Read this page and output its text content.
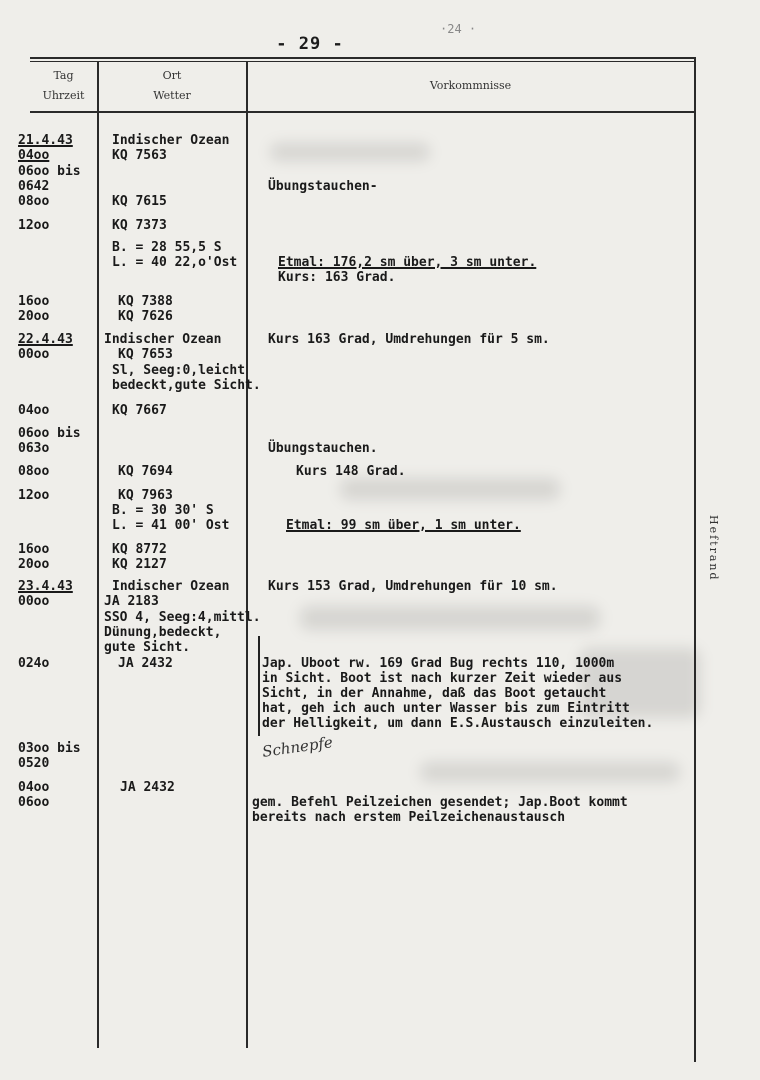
- 29 -
·24 ·
Tag
Uhrzeit
Ort
Wetter
Vorkommnisse
Heftrand
21.4.43
04oo
06oo bis
0642
08oo
12oo
16oo
20oo
22.4.43
00oo
04oo
06oo bis
063o
08oo
12oo
16oo
20oo
23.4.43
00oo
024o
03oo bis
0520
04oo
06oo
Indischer Ozean
KQ 7563
KQ 7615
KQ 7373
B. = 28 55,5 S
L. = 40 22,o'Ost
KQ 7388
KQ 7626
Indischer Ozean
KQ 7653
Sl, Seeg:0,leicht
bedeckt,gute Sicht.
KQ 7667
KQ 7694
KQ 7963
B. = 30 30' S
L. = 41 00' Ost
KQ 8772
KQ 2127
Indischer Ozean
JA 2183
SSO 4, Seeg:4,mittl.
Dünung,bedeckt,
gute Sicht.
JA 2432
JA 2432
Übungstauchen-
Etmal: 176,2 sm über, 3 sm unter.
Kurs: 163 Grad.
Kurs 163 Grad, Umdrehungen für 5 sm.
Übungstauchen.
Kurs 148 Grad.
Etmal: 99 sm über, 1 sm unter.
Kurs 153 Grad, Umdrehungen für 10 sm.
Jap. Uboot rw. 169 Grad Bug rechts 110, 1000m
in Sicht. Boot ist nach kurzer Zeit wieder aus
Sicht, in der Annahme, daß das Boot getaucht
hat, geh ich auch unter Wasser bis zum Eintritt
der Helligkeit, um dann E.S.Austausch einzuleiten.
gem. Befehl Peilzeichen gesendet; Jap.Boot kommt
bereits nach erstem Peilzeichenaustausch
Schnepfe
